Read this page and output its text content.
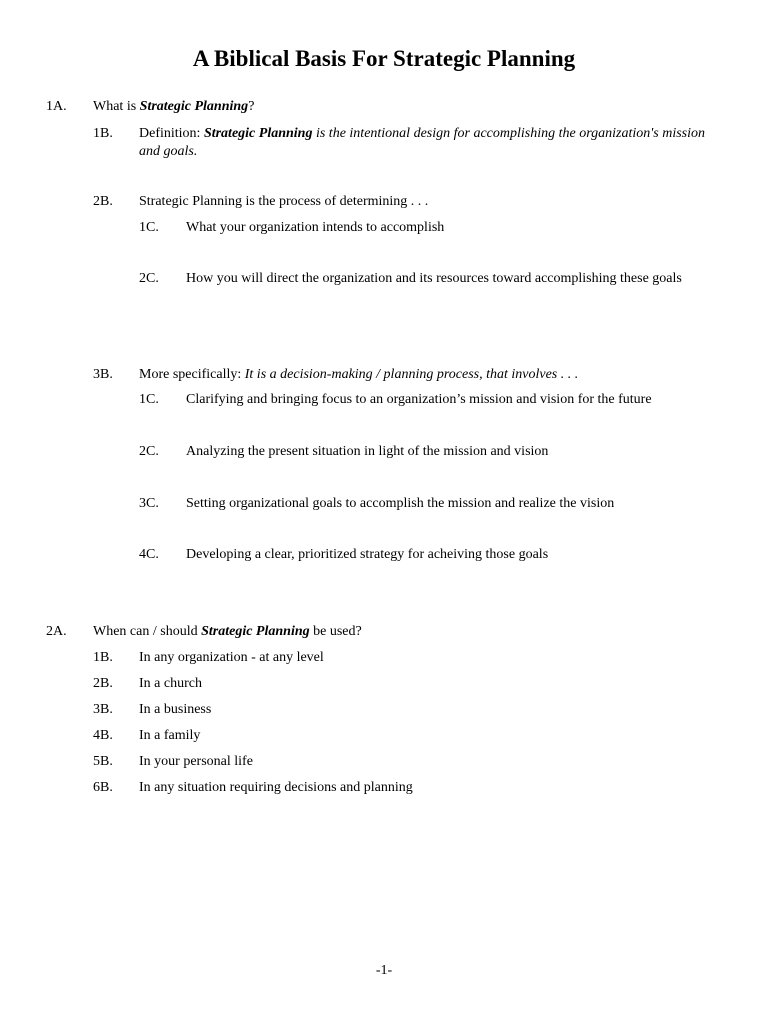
A Biblical Basis For Strategic Planning
1A. What is Strategic Planning?
1B. Definition: Strategic Planning is the intentional design for accomplishing the organization's mission and goals.
2B. Strategic Planning is the process of determining . . .
1C. What your organization intends to accomplish
2C. How you will direct the organization and its resources toward accomplishing these goals
3B. More specifically: It is a decision-making / planning process, that involves . . .
1C. Clarifying and bringing focus to an organization’s mission and vision for the future
2C. Analyzing the present situation in light of the mission and vision
3C. Setting organizational goals to accomplish the mission and realize the vision
4C. Developing a clear, prioritized strategy for acheiving those goals
2A. When can / should Strategic Planning be used?
1B. In any organization - at any level
2B. In a church
3B. In a business
4B. In a family
5B. In your personal life
6B. In any situation requiring decisions and planning
-1-
